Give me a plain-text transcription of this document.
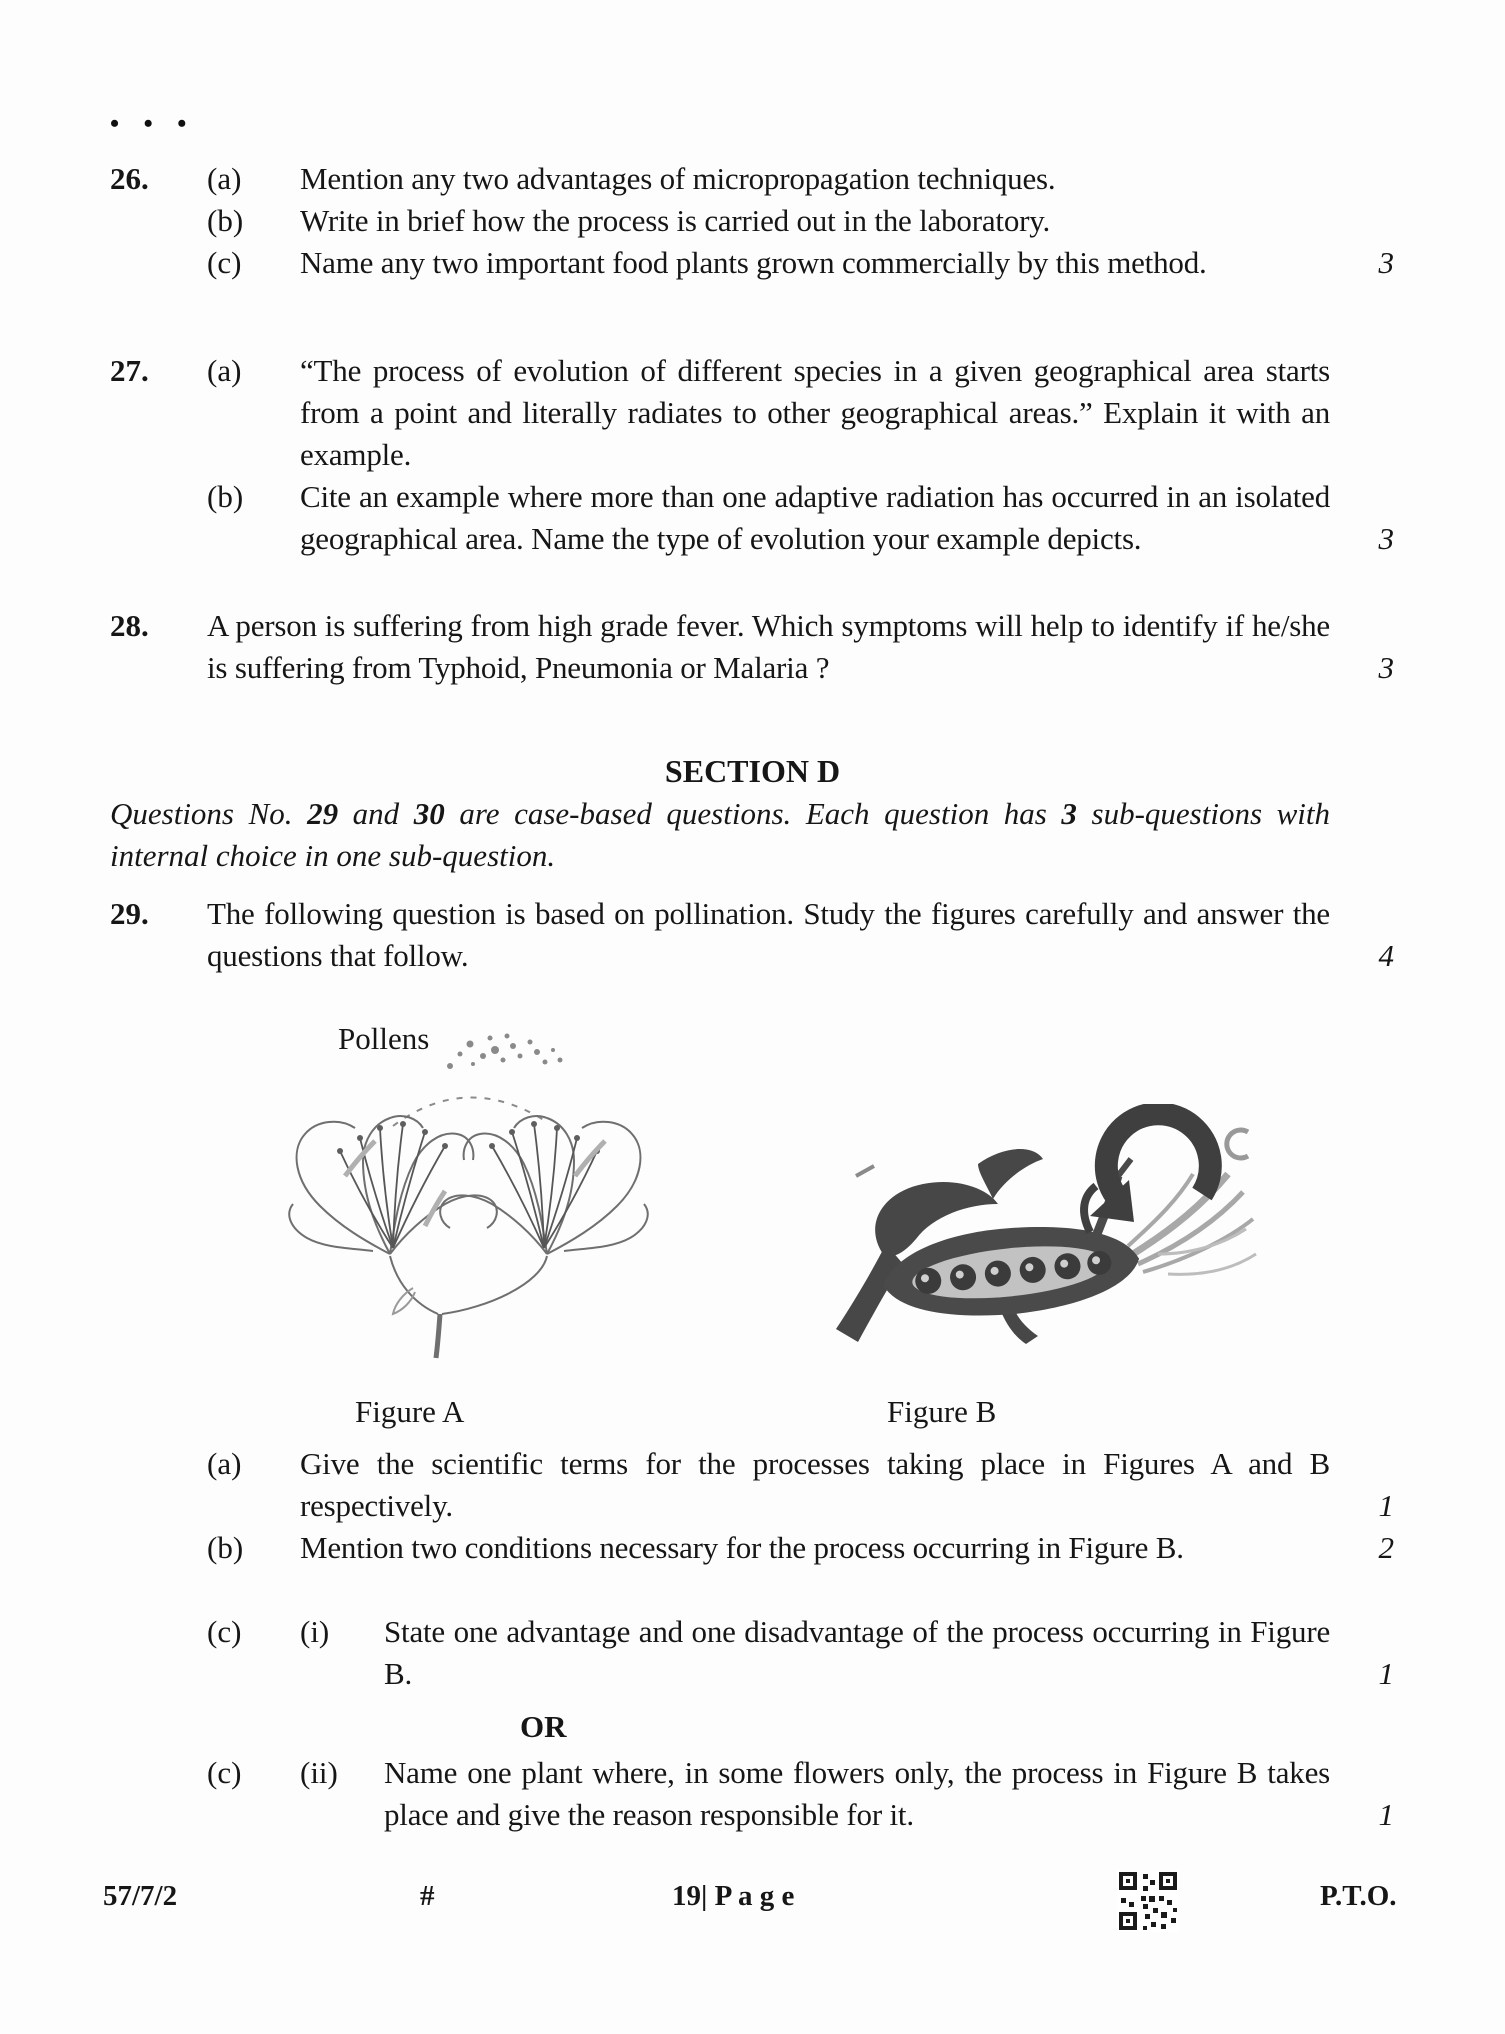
• • •
26.	(a)	Mention any two advantages of micropropagation techniques.
(b)	Write in brief how the process is carried out in the laboratory.
(c)	Name any two important food plants grown commercially by this method.	3
27.	(a)	“The process of evolution of different species in a given geographical area starts from a point and literally radiates to other geographical areas.” Explain it with an example.
(b)	Cite an example where more than one adaptive radiation has occurred in an isolated geographical area. Name the type of evolution your example depicts.	3
28.	A person is suffering from high grade fever. Which symptoms will help to identify if he/she is suffering from Typhoid, Pneumonia or Malaria ?	3
SECTION D
Questions No. 29 and 30 are case-based questions. Each question has 3 sub-questions with internal choice in one sub-question.
29.	The following question is based on pollination. Study the figures carefully and answer the questions that follow.	4
Pollens
Figure A	Figure B
(a)	Give the scientific terms for the processes taking place in Figures A and B respectively.	1
(b)	Mention two conditions necessary for the process occurring in Figure B.	2
(c)	(i)	State one advantage and one disadvantage of the process occurring in Figure B.	1
OR
(c)	(ii)	Name one plant where, in some flowers only, the process in Figure B takes place and give the reason responsible for it.	1
57/7/2	#	19| P a g e	P.T.O.
